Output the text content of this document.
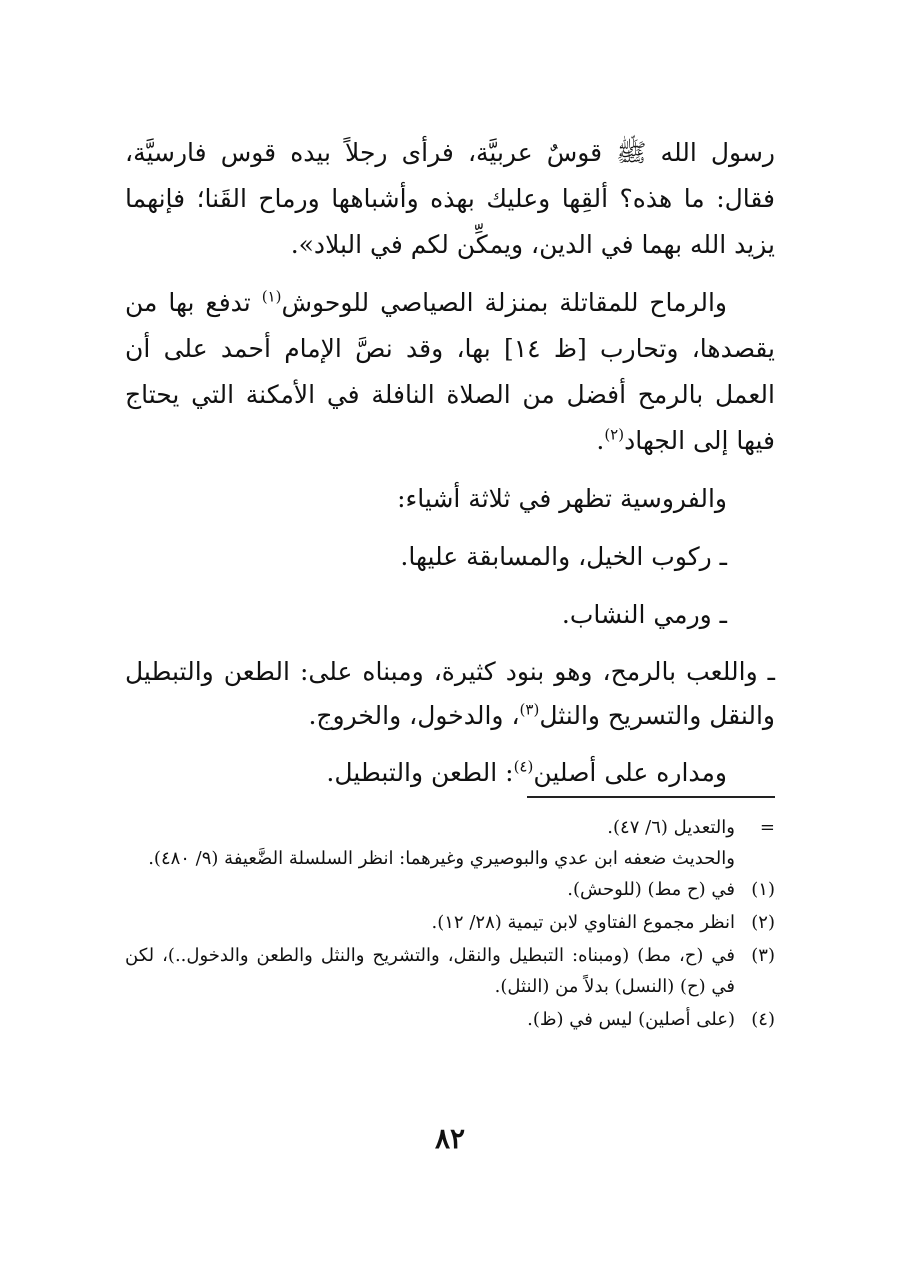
رسول الله ﷺ قوسٌ عربيَّة، فرأى رجلاً بيده قوس فارسيَّة، فقال: ما هذه؟ ألقِها وعليك بهذه وأشباهها ورماح القَنا؛ فإنهما يزيد الله بهما في الدين، ويمكِّن لكم في البلاد».

والرماح للمقاتلة بمنزلة الصياصي للوحوش$^{(١)}$ تدفع بها من يقصدها، وتحارب [ظ ١٤] بها، وقد نصَّ الإمام أحمد على أن العمل بالرمح أفضل من الصلاة النافلة في الأمكنة التي يحتاج فيها إلى الجهاد$^{(٢)}$.

والفروسية تظهر في ثلاثة أشياء:

ـ ركوب الخيل، والمسابقة عليها.

ـ ورمي النشاب.

ـ واللعب بالرمح، وهو بنود كثيرة، ومبناه على: الطعن والتبطيل والنقل والتسريح والنثل$^{(٣)}$، والدخول، والخروج.

ومداره على أصلين$^{(٤)}$: الطعن والتبطيل.

=
والتعديل (٦/ ٤٧).
والحديث ضعفه ابن عدي والبوصيري وغيرهما: انظر السلسلة الضَّعيفة (٩/ ٤٨٠).
(١)
في (ح مط) (للوحش).
(٢)
انظر مجموع الفتاوي لابن تيمية (٢٨/ ١٢).
(٣)
في (ح، مط) (ومبناه: التبطيل والنقل، والتشريح والنثل والطعن والدخول..)، لكن في (ح) (النسل) بدلاً من (النثل).
(٤)
(على أصلين) ليس في (ظ).
٨٢
